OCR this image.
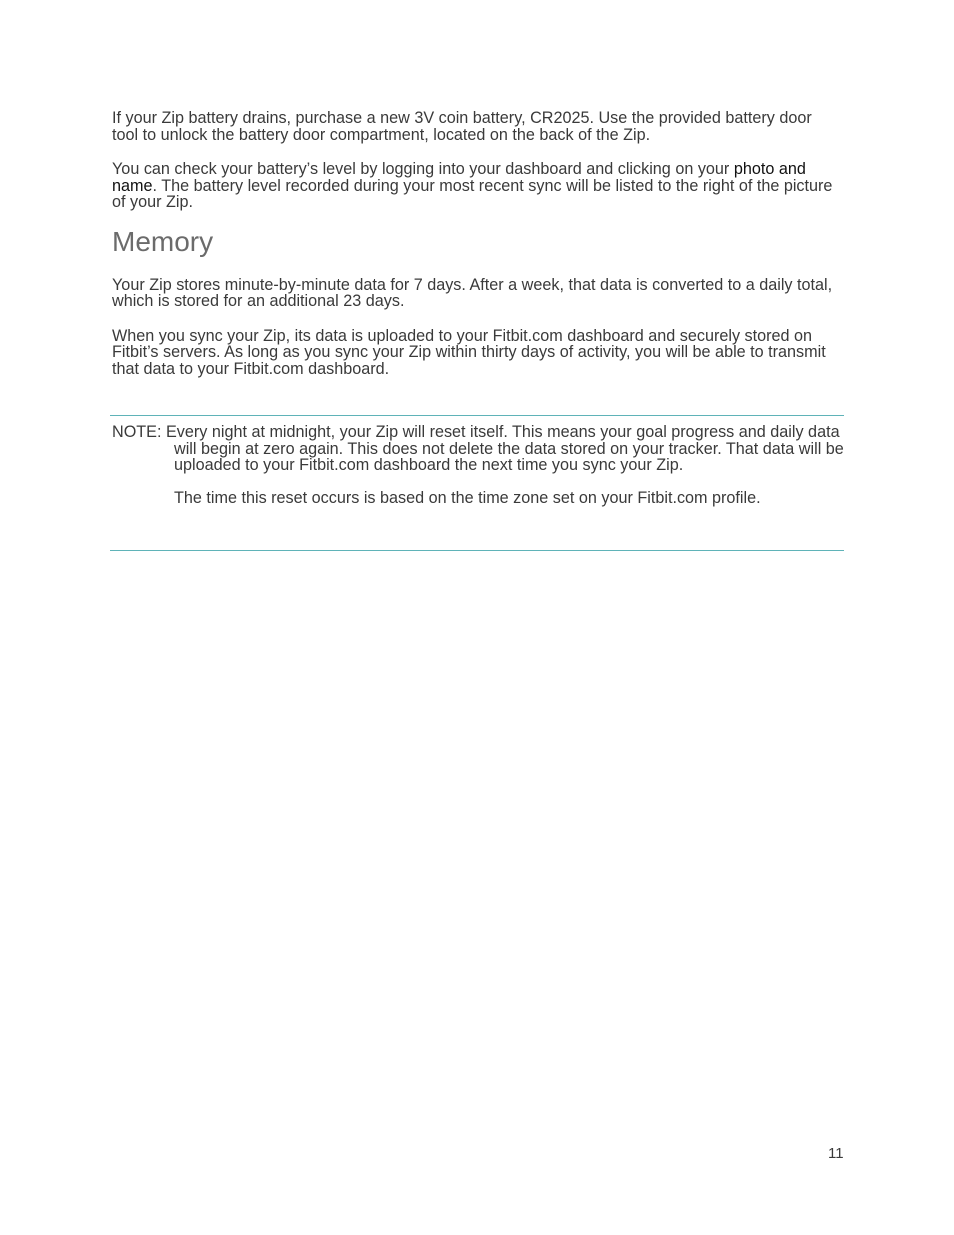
If your Zip battery drains, purchase a new 3V coin battery, CR2025. Use the provided battery door tool to unlock the battery door compartment, located on the back of the Zip.

You can check your battery’s level by logging into your dashboard and clicking on your photo and name. The battery level recorded during your most recent sync will be listed to the right of the picture of your Zip.

Memory

Your Zip stores minute-by-minute data for 7 days. After a week, that data is converted to a daily total, which is stored for an additional 23 days.

When you sync your Zip, its data is uploaded to your Fitbit.com dashboard and securely stored on Fitbit’s servers. As long as you sync your Zip within thirty days of activity, you will be able to transmit that data to your Fitbit.com dashboard.

NOTE: Every night at midnight, your Zip will reset itself. This means your goal progress and daily data will begin at zero again. This does not delete the data stored on your tracker. That data will be uploaded to your Fitbit.com dashboard the next time you sync your Zip.

The time this reset occurs is based on the time zone set on your Fitbit.com profile.

11
